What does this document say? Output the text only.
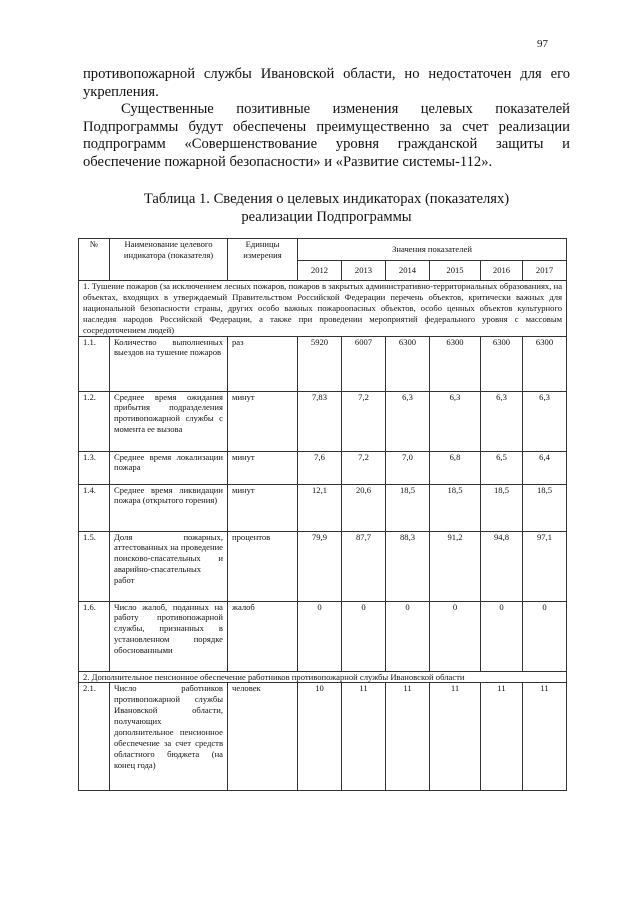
97

противопожарной службы Ивановской области, но недостаточен для его укрепления.

Существенные позитивные изменения целевых показателей Подпрограммы будут обеспечены преимущественно за счет реализации подпрограмм «Совершенствование уровня гражданской защиты и обеспечение пожарной безопасности» и «Развитие системы-112».

Таблица 1. Сведения о целевых индикаторах (показателях)
реализации Подпрограммы
№	Наименование целевого индикатора (показателя)	Единицы измерения	Значения показателей					
			2012	2013	2014	2015	2016	2017
1. Тушение пожаров (за исключением лесных пожаров, пожаров в закрытых административно-территориальных образованиях, на объектах, входящих в утверждаемый Правительством Российской Федерации перечень объектов, критически важных для национальной безопасности страны, других особо важных пожароопасных объектов, особо ценных объектов культурного наследия народов Российской Федерации, а также при проведении мероприятий федерального уровня с массовым сосредоточением людей)								
1.1.	Количество выполненных выездов на тушение пожаров	раз	5920	6007	6300	6300	6300	6300
1.2.	Среднее время ожидания прибытия подразделения противопожарной службы с момента ее вызова	минут	7,83	7,2	6,3	6,3	6,3	6,3
1.3.	Среднее время локализации пожара	минут	7,6	7,2	7,0	6,8	6,5	6,4
1.4.	Среднее время ликвидации пожара (открытого горения)	минут	12,1	20,6	18,5	18,5	18,5	18,5
1.5.	Доля пожарных, аттестованных на проведение поисково-спасательных и аварийно-спасательных работ	процентов	79,9	87,7	88,3	91,2	94,8	97,1
1.6.	Число жалоб, поданных на работу противопожарной службы, признанных в установленном порядке обоснованными	жалоб	0	0	0	0	0	0
2. Дополнительное пенсионное обеспечение работников противопожарной службы Ивановской области								
2.1.	Число работников противопожарной службы Ивановской области, получающих дополнительное пенсионное обеспечение за счет средств областного бюджета (на конец года)	человек	10	11	11	11	11	11
